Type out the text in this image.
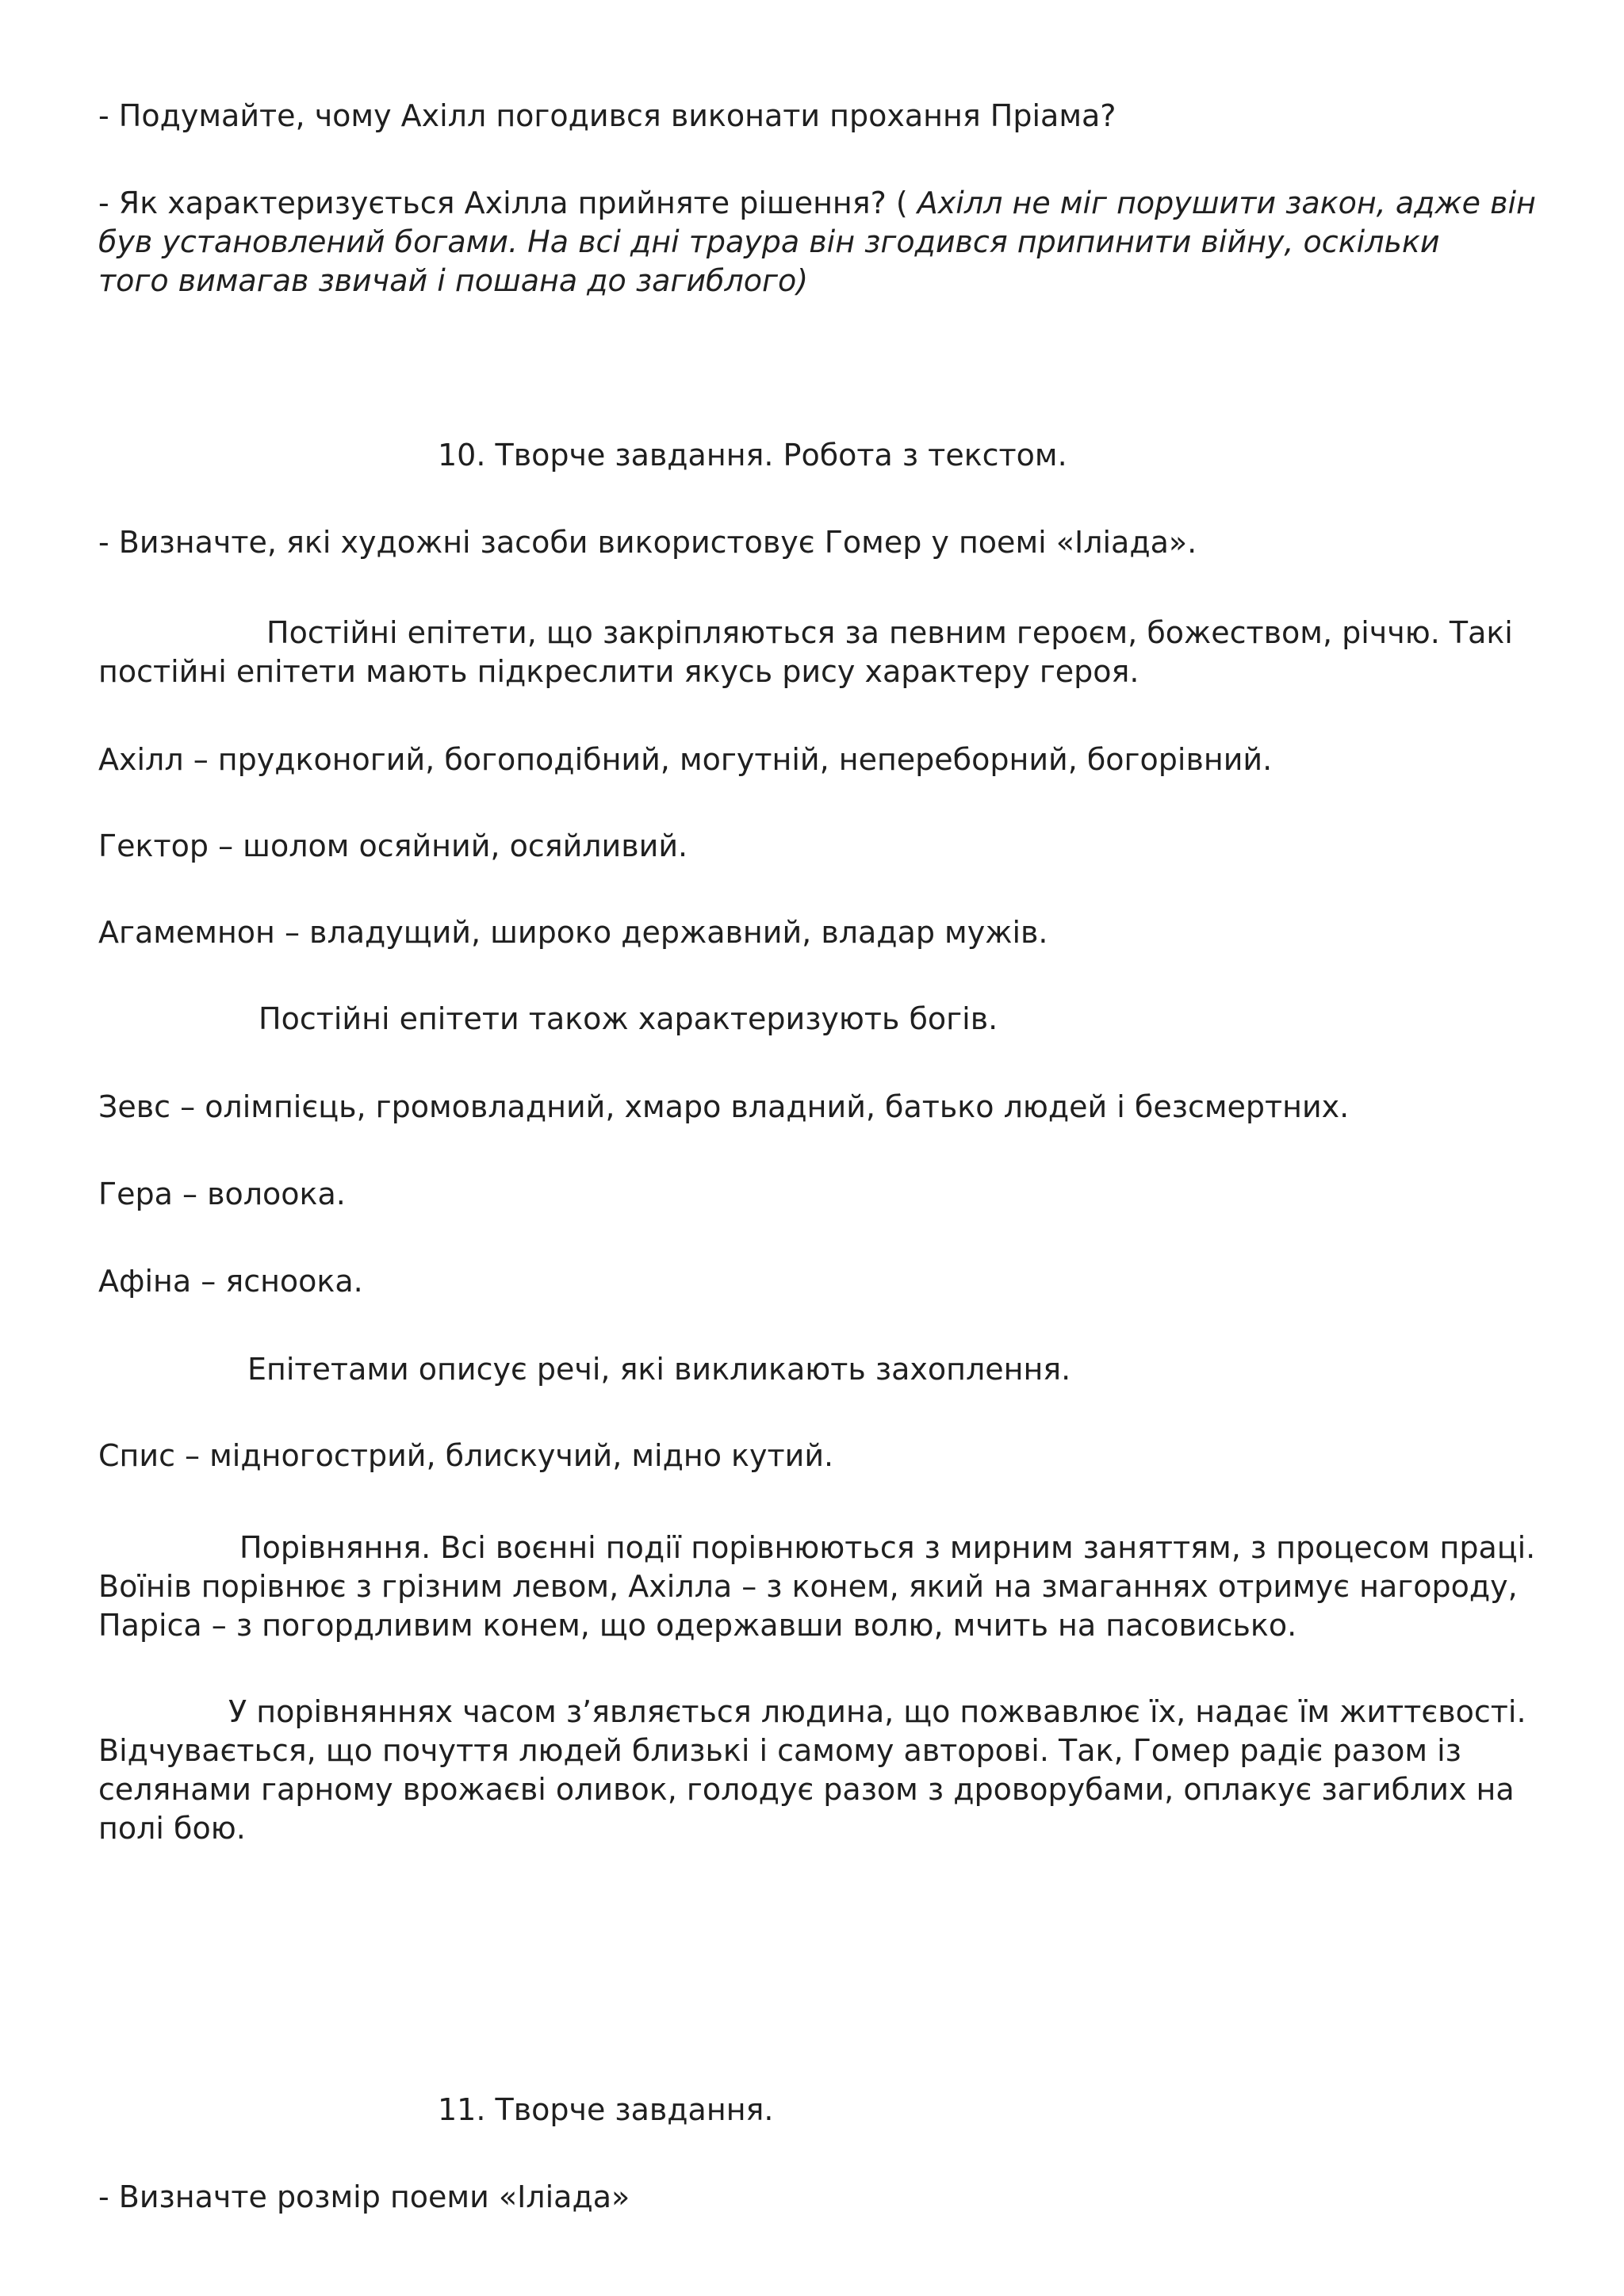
- Подумайте, чому Ахілл погодився виконати прохання Пріама?

- Як характеризується Ахілла прийняте рішення? ( Ахілл не міг порушити закон, адже він
був установлений богами. На всі дні траура він згодився припинити війну, оскільки
того вимагав звичай і пошана до загиблого)

10. Творче завдання. Робота з текстом.

- Визначте, які художні засоби використовує Гомер у поемі «Іліада».

Постійні епітети, що закріпляються за певним героєм, божеством, річчю. Такі
постійні епітети мають підкреслити якусь рису характеру героя.

Ахілл – прудконогий, богоподібний, могутній, непереборний, богорівний.

Гектор – шолом осяйний, осяйливий.

Агамемнон – владущий, широко державний, владар мужів.

Постійні епітети також характеризують богів.

Зевс – олімпієць, громовладний, хмаро владний, батько людей і безсмертних.

Гера – волоока.

Афіна – ясноока.

Епітетами описує речі, які викликають захоплення.

Спис – мідногострий, блискучий, мідно кутий.

Порівняння. Всі воєнні події порівнюються з мирним заняттям, з процесом праці.
Воїнів порівнює з грізним левом, Ахілла – з конем, який на змаганнях отримує нагороду,
Паріса – з погордливим конем, що одержавши волю, мчить на пасовисько.
У порівняннях часом з’являється людина, що пожвавлює їх, надає їм життєвості.
Відчувається, що почуття людей близькі і самому авторові. Так, Гомер радіє разом із
селянами гарному врожаєві оливок, голодує разом з дроворубами, оплакує загиблих на
полі бою.

11. Творче завдання.

- Визначте розмір поеми «Іліада»
